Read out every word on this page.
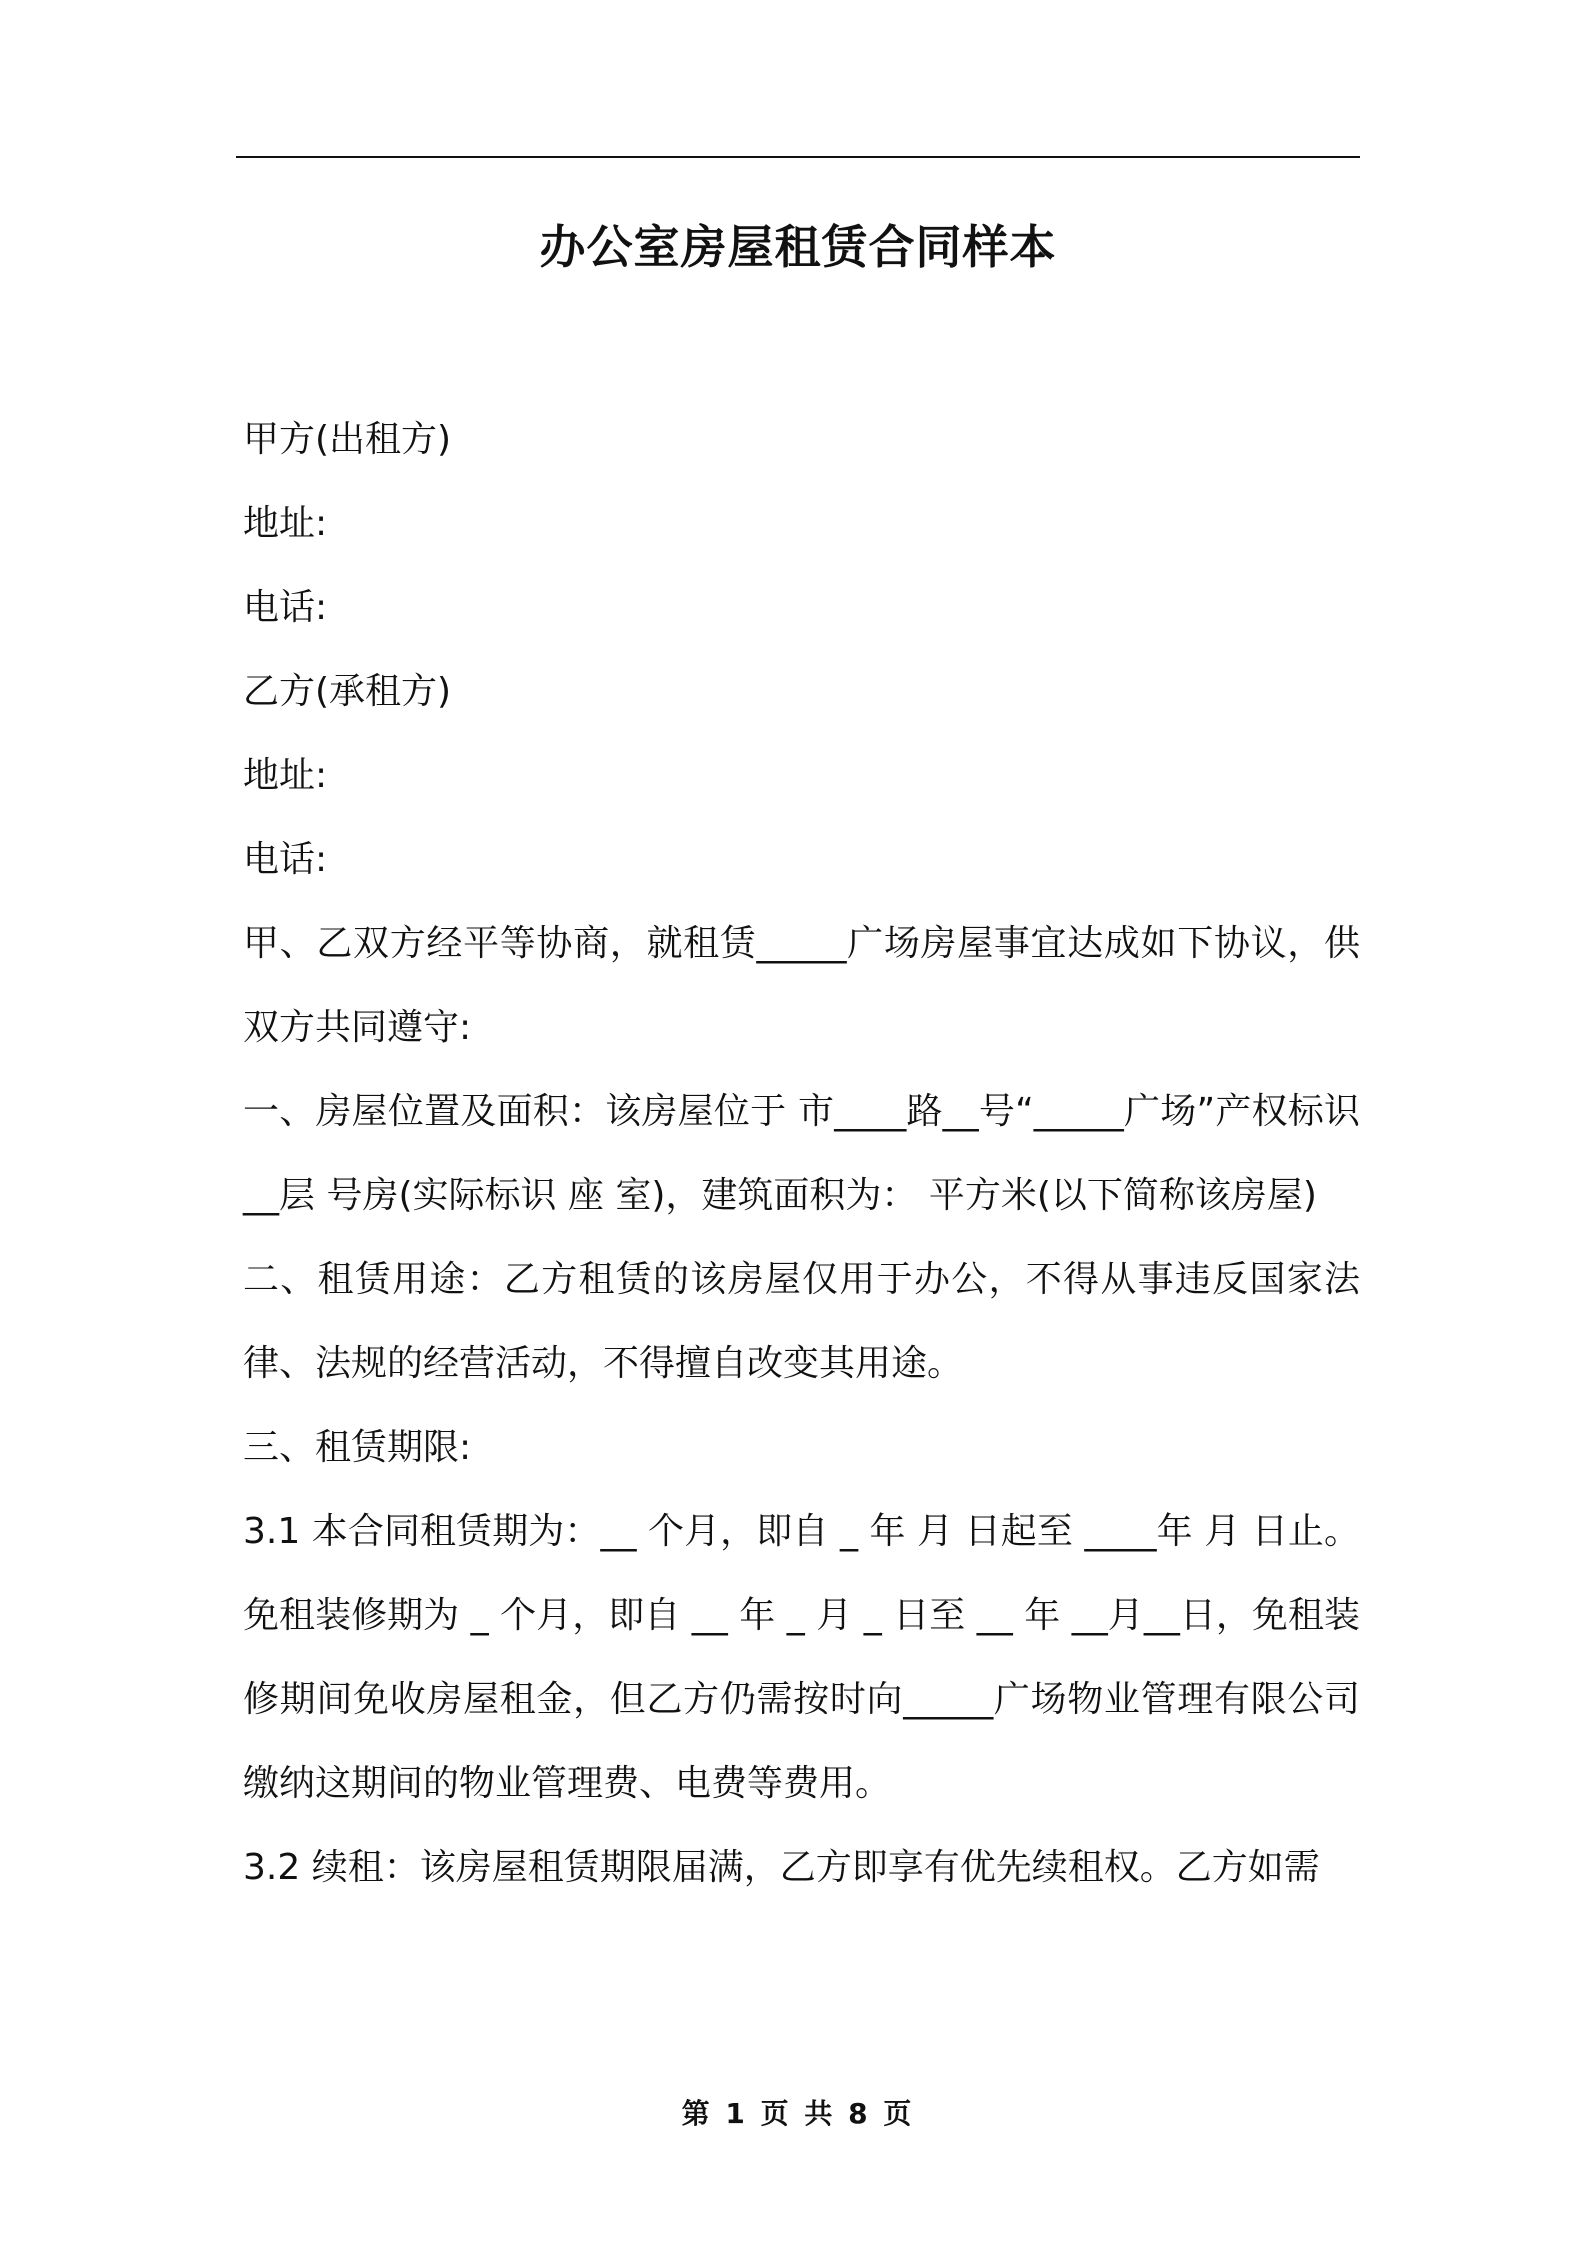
办公室房屋租赁合同样本

甲方(出租方)

地址:

电话:

乙方(承租方)

地址:

电话:

甲、乙双方经平等协商，就租赁_____广场房屋事宜达成如下协议，供双方共同遵守:

一、房屋位置及面积：该房屋位于 市____路__号“_____广场”产权标识 __层 号房(实际标识 座 室)，建筑面积为： 平方米(以下简称该房屋)

二、租赁用途：乙方租赁的该房屋仅用于办公，不得从事违反国家法律、法规的经营活动，不得擅自改变其用途。

三、租赁期限:

3.1 本合同租赁期为：__ 个月，即自 _ 年 月 日起至 ____年 月 日止。免租装修期为 _ 个月，即自 __ 年 _ 月 _ 日至 __ 年 __月__日，免租装修期间免收房屋租金，但乙方仍需按时向_____广场物业管理有限公司缴纳这期间的物业管理费、电费等费用。

3.2 续租：该房屋租赁期限届满，乙方即享有优先续租权。乙方如需

第 1 页 共 8 页
